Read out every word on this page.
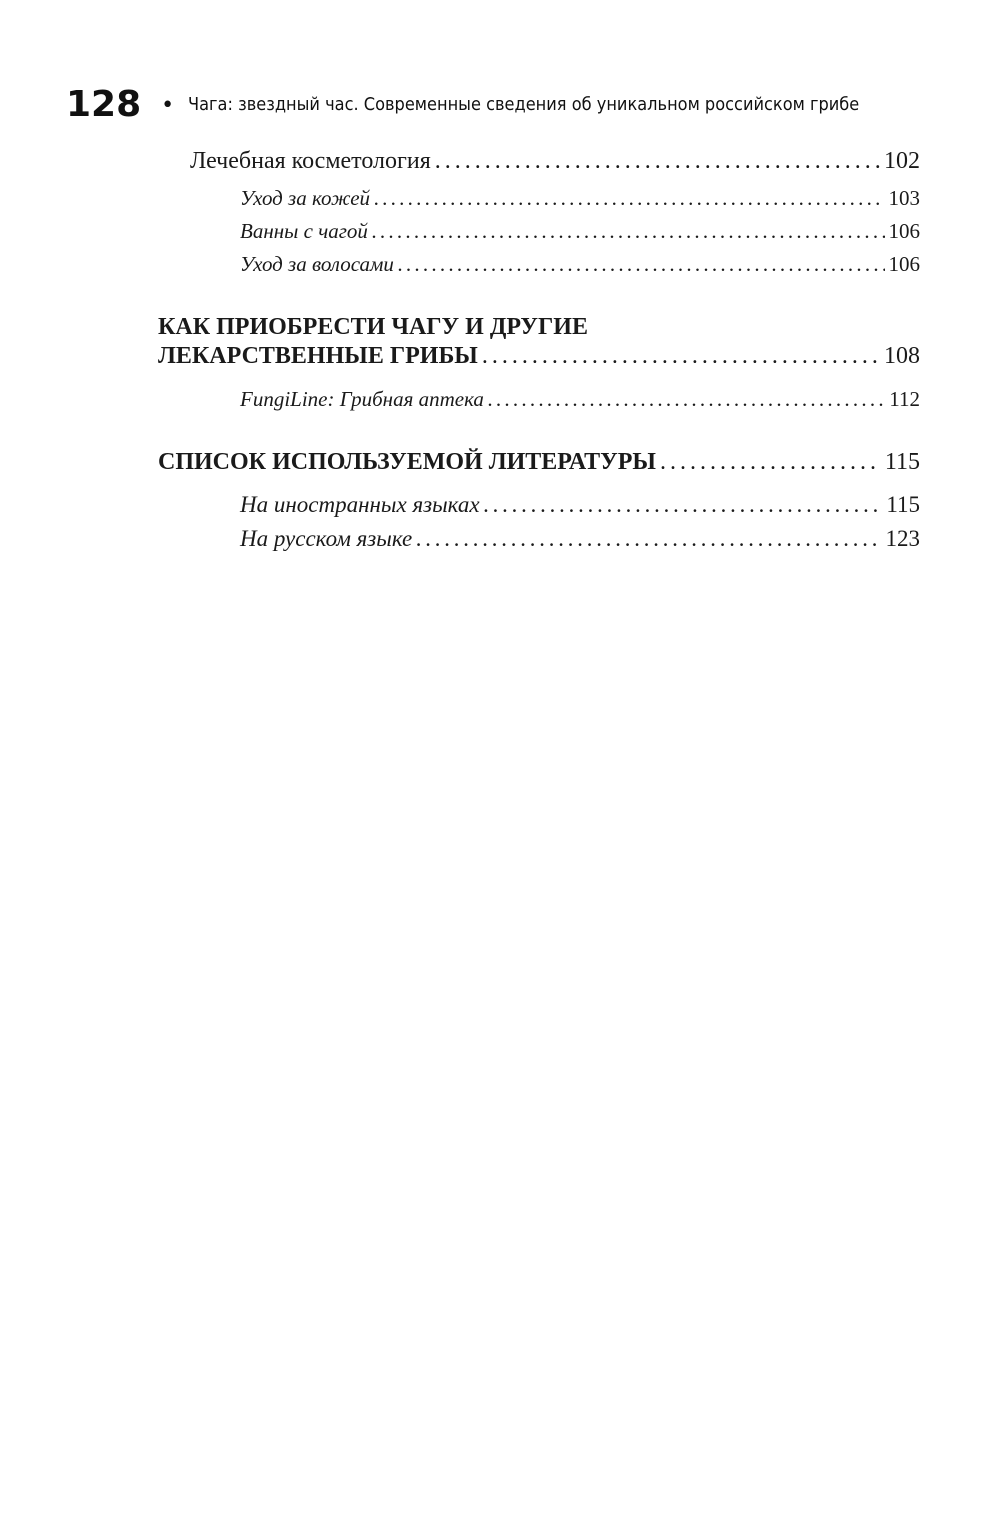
128 • Чага: звездный час. Современные сведения об уникальном российском грибе
Лечебная косметология . . .	102
Уход за кожей . . .	103
Ванны с чагой . . .	106
Уход за волосами . . .	106
КАК ПРИОБРЕСТИ ЧАГУ И ДРУГИЕ
ЛЕКАРСТВЕННЫЕ ГРИБЫ . . .	108
FungiLine: Грибная аптека . . .	112
СПИСОК ИСПОЛЬЗУЕМОЙ ЛИТЕРАТУРЫ . . .	115
На иностранных языках . . .	115
На русском языке . . .	123
